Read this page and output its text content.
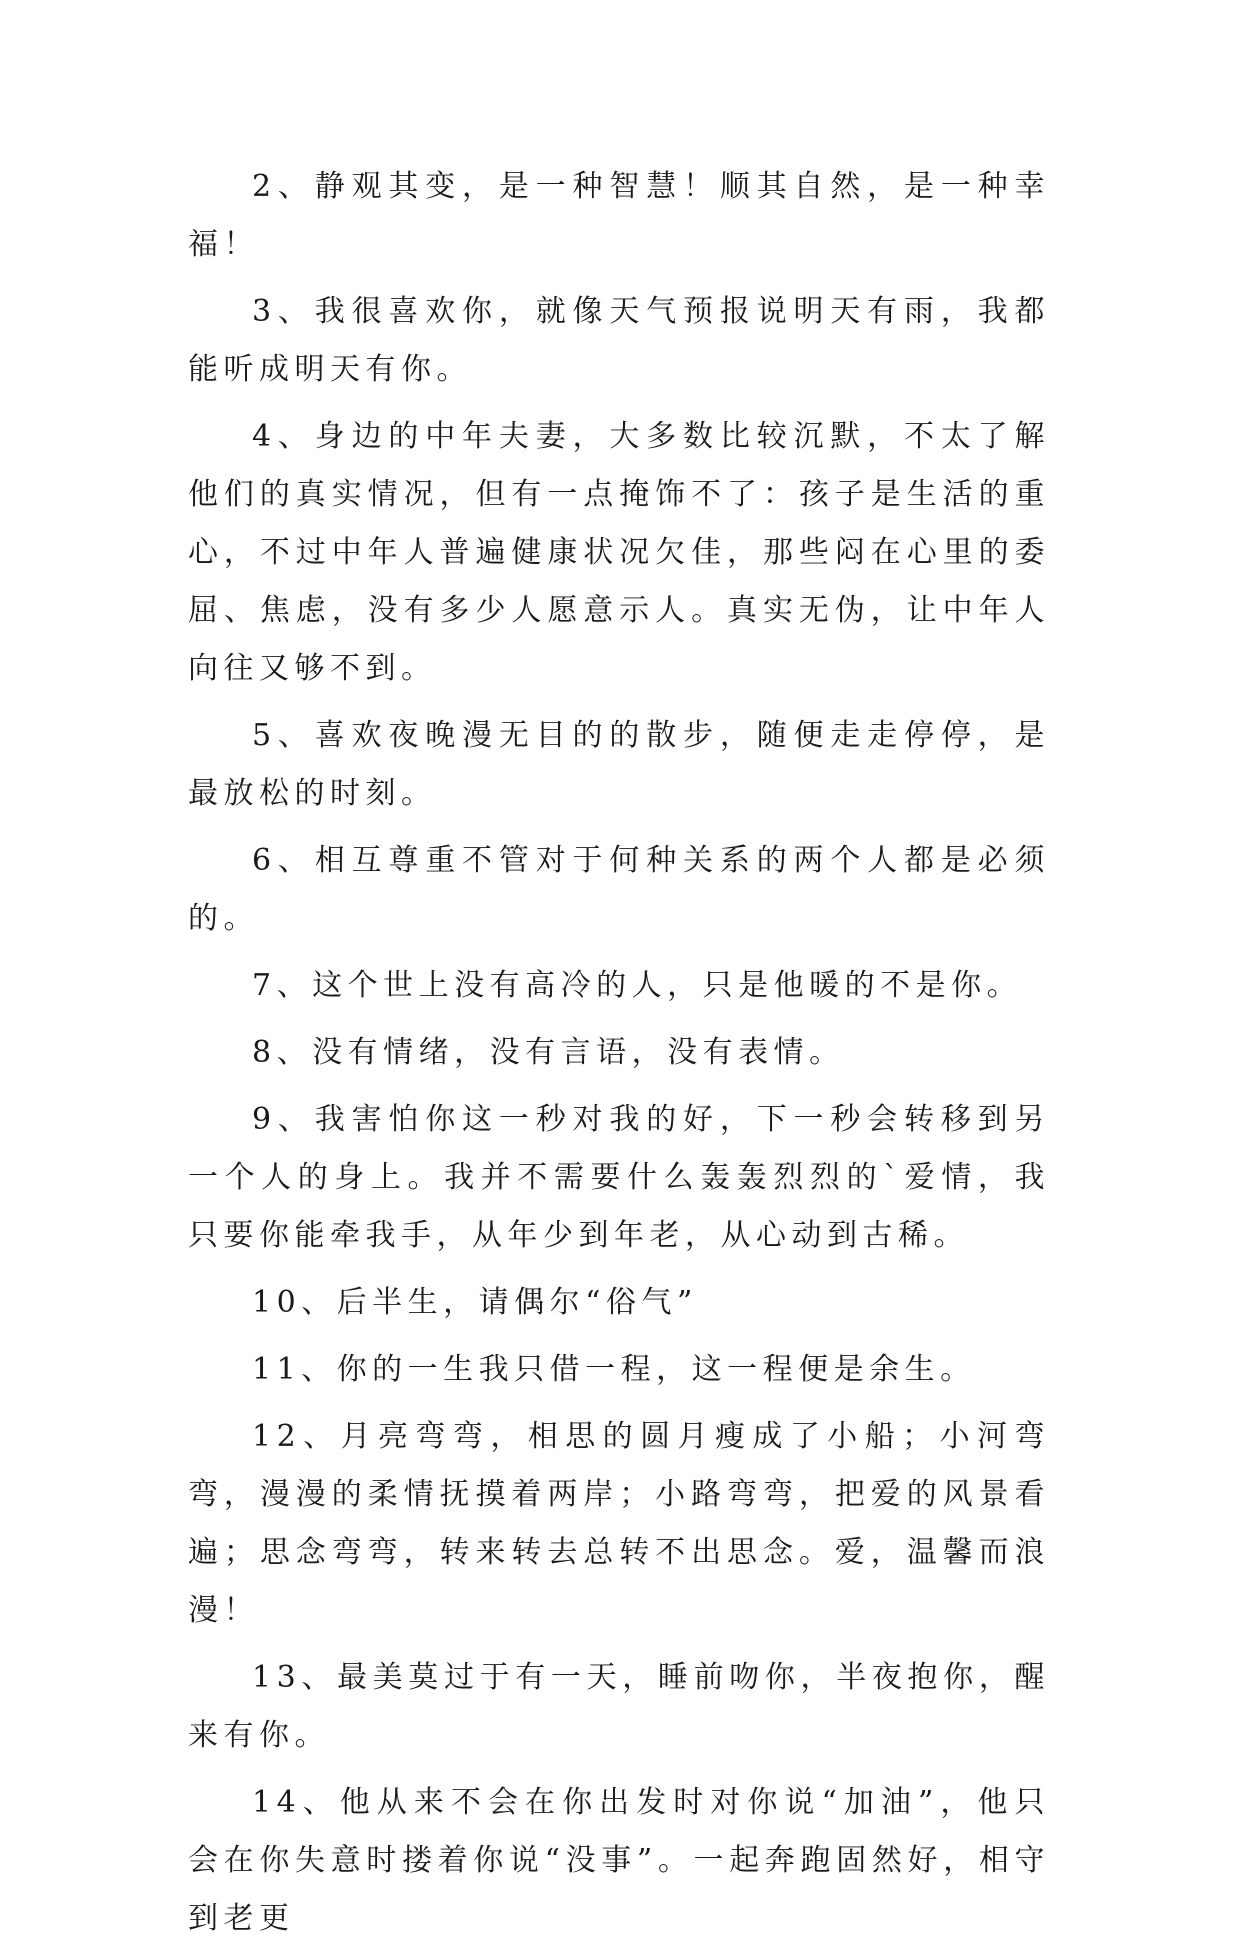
2、静观其变，是一种智慧！顺其自然，是一种幸福！

3、我很喜欢你，就像天气预报说明天有雨，我都能听成明天有你。

4、身边的中年夫妻，大多数比较沉默，不太了解他们的真实情况，但有一点掩饰不了：孩子是生活的重心，不过中年人普遍健康状况欠佳，那些闷在心里的委屈、焦虑，没有多少人愿意示人。真实无伪，让中年人向往又够不到。

5、喜欢夜晚漫无目的的散步，随便走走停停，是最放松的时刻。

6、相互尊重不管对于何种关系的两个人都是必须的。

7、这个世上没有高冷的人，只是他暖的不是你。

8、没有情绪，没有言语，没有表情。

9、我害怕你这一秒对我的好，下一秒会转移到另一个人的身上。我并不需要什么轰轰烈烈的`爱情，我只要你能牵我手，从年少到年老，从心动到古稀。

10、后半生，请偶尔“俗气”

11、你的一生我只借一程，这一程便是余生。

12、月亮弯弯，相思的圆月瘦成了小船；小河弯弯，漫漫的柔情抚摸着两岸；小路弯弯，把爱的风景看遍；思念弯弯，转来转去总转不出思念。爱，温馨而浪漫！

13、最美莫过于有一天，睡前吻你，半夜抱你，醒来有你。

14、他从来不会在你出发时对你说“加油”，他只会在你失意时搂着你说“没事”。一起奔跑固然好，相守到老更
